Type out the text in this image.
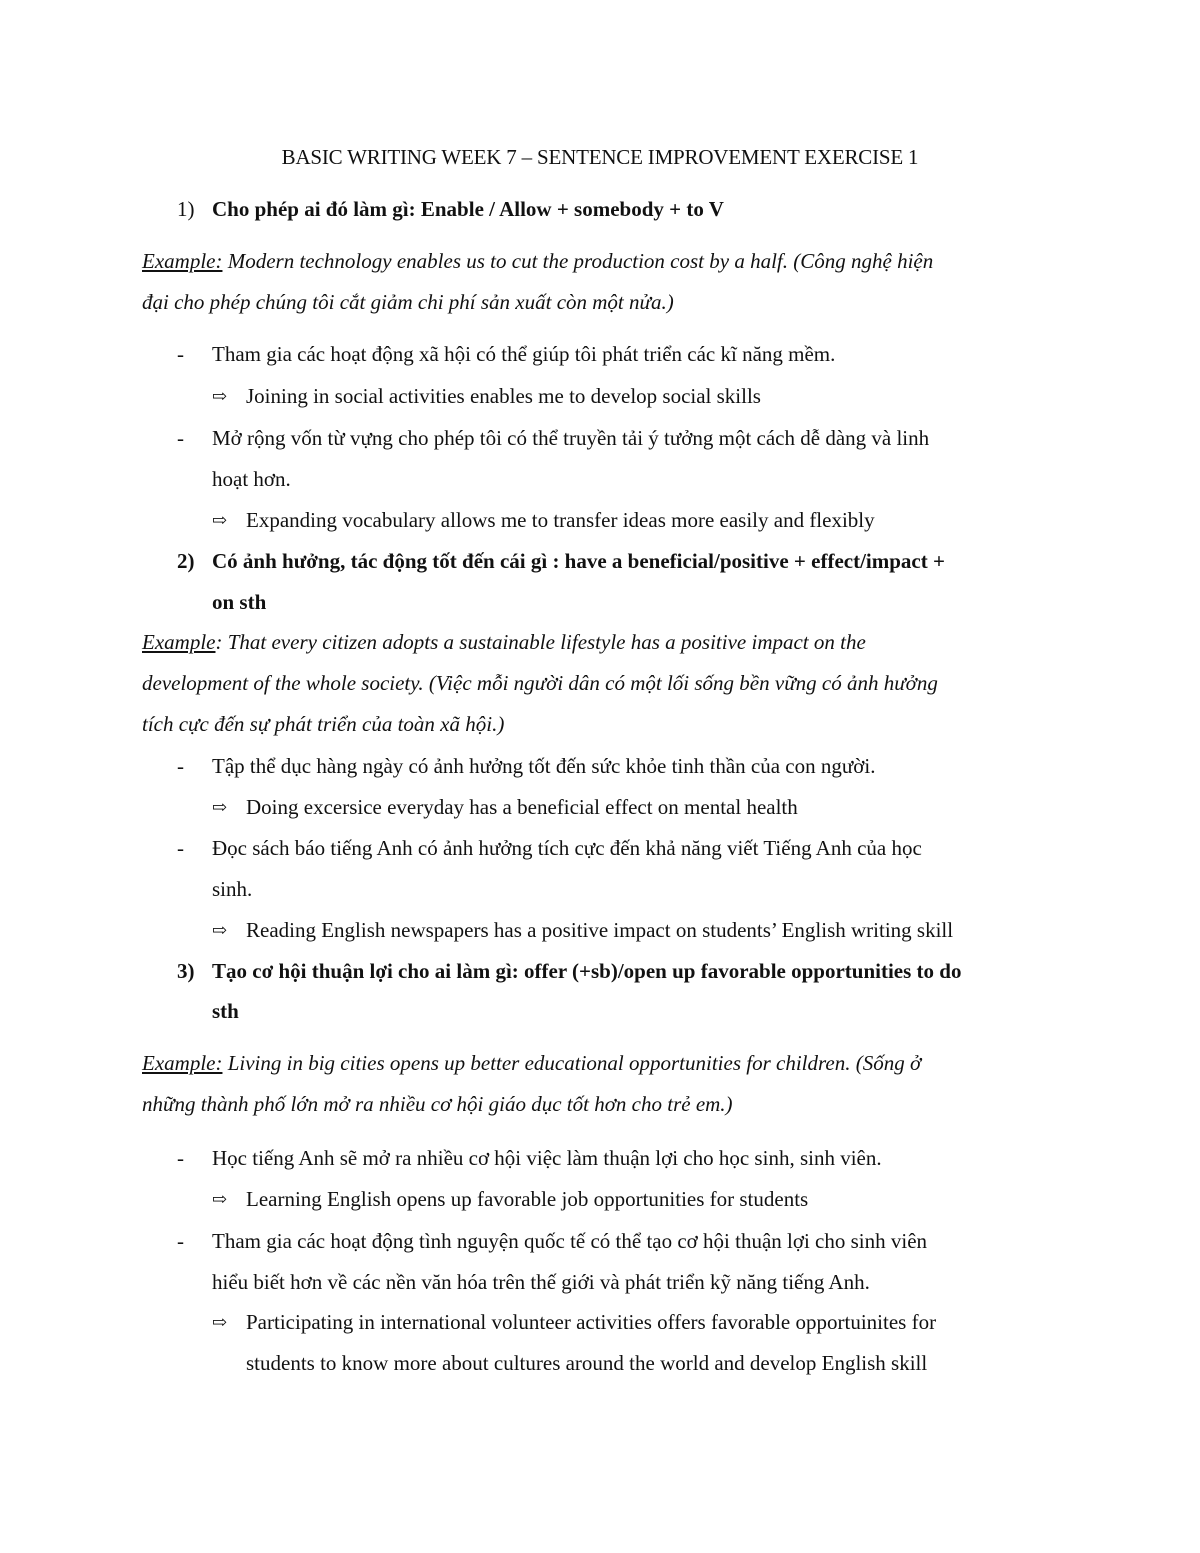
BASIC WRITING WEEK 7 – SENTENCE IMPROVEMENT EXERCISE 1
1) Cho phép ai đó làm gì: Enable / Allow + somebody + to V
Example: Modern technology enables us to cut the production cost by a half. (Công nghệ hiện
đại cho phép chúng tôi cắt giảm chi phí sản xuất còn một nửa.)
- Tham gia các hoạt động xã hội có thể giúp tôi phát triển các kĩ năng mềm.
⇨ Joining in social activities enables me to develop social skills
- Mở rộng vốn từ vựng cho phép tôi có thể truyền tải ý tưởng một cách dễ dàng và linh
hoạt hơn.
⇨ Expanding vocabulary allows me to transfer ideas more easily and flexibly
2) Có ảnh hưởng, tác động tốt đến cái gì : have a beneficial/positive + effect/impact +
on sth
Example: That every citizen adopts a sustainable lifestyle has a positive impact on the
development of the whole society. (Việc mỗi người dân có một lối sống bền vững có ảnh hưởng
tích cực đến sự phát triển của toàn xã hội.)
- Tập thể dục hàng ngày có ảnh hưởng tốt đến sức khỏe tinh thần của con người.
⇨ Doing excersice everyday has a beneficial effect on mental health
- Đọc sách báo tiếng Anh có ảnh hưởng tích cực đến khả năng viết Tiếng Anh của học
sinh.
⇨ Reading English newspapers has a positive impact on students’ English writing skill
3) Tạo cơ hội thuận lợi cho ai làm gì: offer (+sb)/open up favorable opportunities to do
sth
Example: Living in big cities opens up better educational opportunities for children. (Sống ở
những thành phố lớn mở ra nhiều cơ hội giáo dục tốt hơn cho trẻ em.)
- Học tiếng Anh sẽ mở ra nhiều cơ hội việc làm thuận lợi cho học sinh, sinh viên.
⇨ Learning English opens up favorable job opportunities for students
- Tham gia các hoạt động tình nguyện quốc tế có thể tạo cơ hội thuận lợi cho sinh viên
hiểu biết hơn về các nền văn hóa trên thế giới và phát triển kỹ năng tiếng Anh.
⇨ Participating in international volunteer activities offers favorable opportuinites for
students to know more about cultures around the world and develop English skill
